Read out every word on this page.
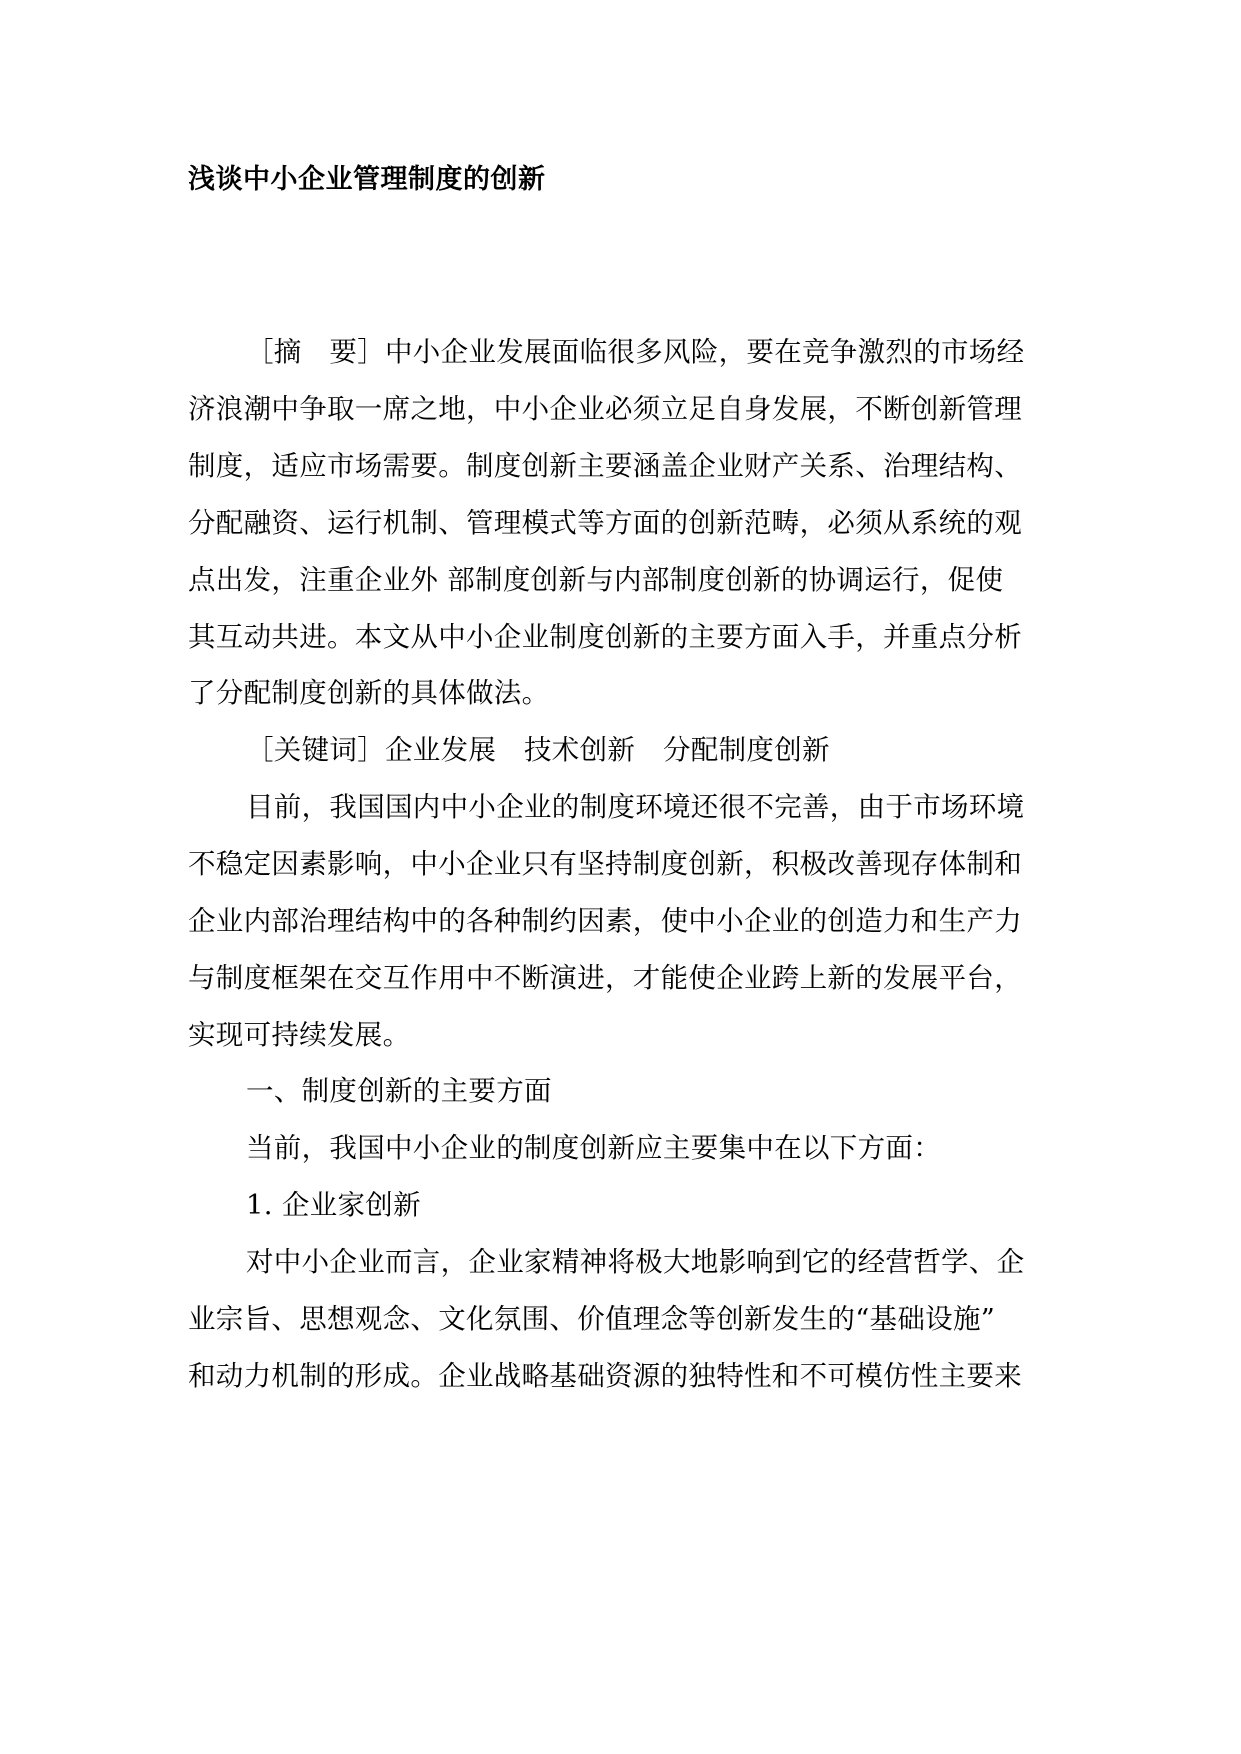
浅谈中小企业管理制度的创新
［摘　要］中小企业发展面临很多风险，要在竞争激烈的市场经
济浪潮中争取一席之地，中小企业必须立足自身发展，不断创新管理
制度，适应市场需要。制度创新主要涵盖企业财产关系、治理结构、
分配融资、运行机制、管理模式等方面的创新范畴，必须从系统的观
点出发，注重企业外 部制度创新与内部制度创新的协调运行，促使
其互动共进。本文从中小企业制度创新的主要方面入手，并重点分析
了分配制度创新的具体做法。
［关键词］企业发展　技术创新　分配制度创新
目前，我国国内中小企业的制度环境还很不完善，由于市场环境
不稳定因素影响，中小企业只有坚持制度创新，积极改善现存体制和
企业内部治理结构中的各种制约因素，使中小企业的创造力和生产力
与制度框架在交互作用中不断演进，才能使企业跨上新的发展平台，
实现可持续发展。
一、制度创新的主要方面
当前，我国中小企业的制度创新应主要集中在以下方面：
1. 企业家创新
对中小企业而言，企业家精神将极大地影响到它的经营哲学、企
业宗旨、思想观念、文化氛围、价值理念等创新发生的“基础设施”
和动力机制的形成。企业战略基础资源的独特性和不可模仿性主要来
